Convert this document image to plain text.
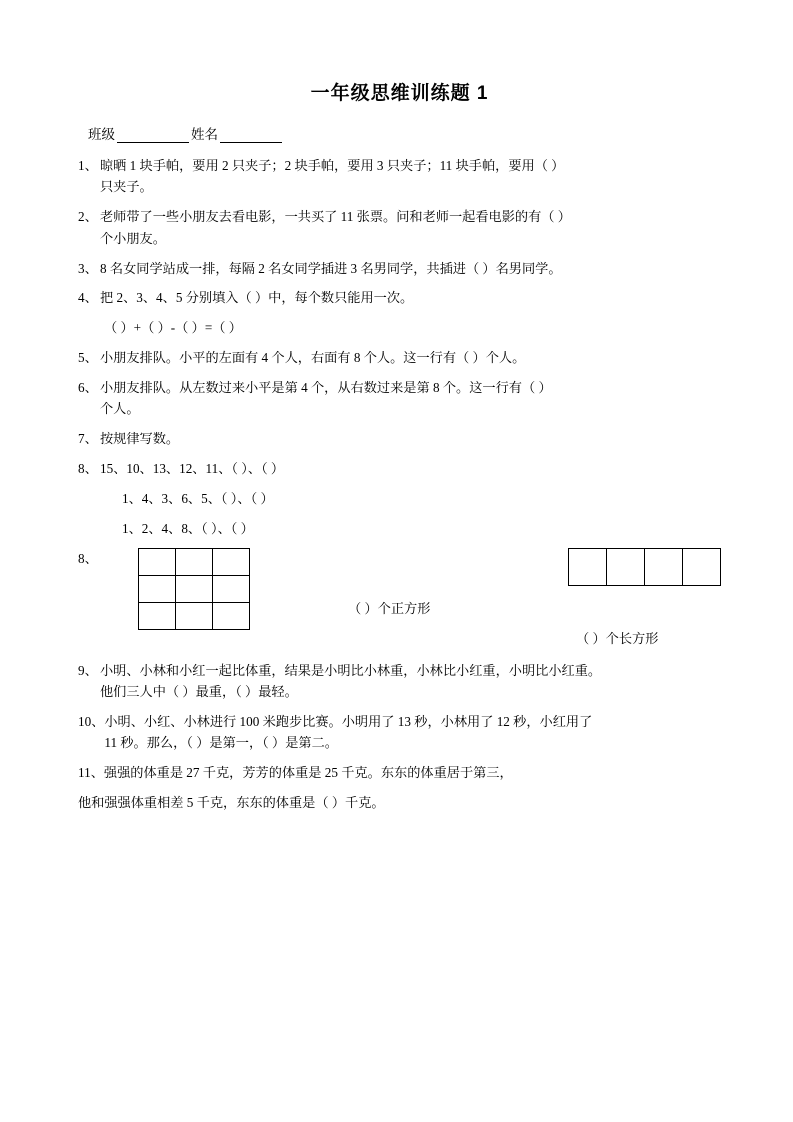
一年级思维训练题 1
班级	姓名
1、 晾晒 1 块手帕，要用 2 只夹子；2 块手帕，要用 3 只夹子；11 块手帕，要用（ ）
只夹子。
2、 老师带了一些小朋友去看电影，一共买了 11 张票。问和老师一起看电影的有（ ）
个小朋友。
3、 8 名女同学站成一排，每隔 2 名女同学插进 3 名男同学，共插进（ ）名男同学。
4、 把 2、3、4、5 分别填入（ ）中，每个数只能用一次。
（ ）+（ ）-（ ）=（ ）
5、 小朋友排队。小平的左面有 4 个人，右面有 8 个人。这一行有（ ）个人。
6、 小朋友排队。从左数过来小平是第 4 个，从右数过来是第 8 个。这一行有（ ）
个人。
7、 按规律写数。
8、 15、10、13、12、11、（ ）、（ ）
1、4、3、6、5、（ ）、（ ）
1、2、4、8、（ ）、（ ）
8、

（ ）个正方形

（ ）个长方形
9、 小明、小林和小红一起比体重，结果是小明比小林重，小林比小红重，小明比小红重。
他们三人中（ ）最重，（ ）最轻。
10、 小明、小红、小林进行 100 米跑步比赛。小明用了 13 秒，小林用了 12 秒，小红用了
11 秒。那么，（ ）是第一，（ ）是第二。
11、 强强的体重是 27 千克，芳芳的体重是 25 千克。东东的体重居于第三，
他和强强体重相差 5 千克，东东的体重是（ ）千克。
